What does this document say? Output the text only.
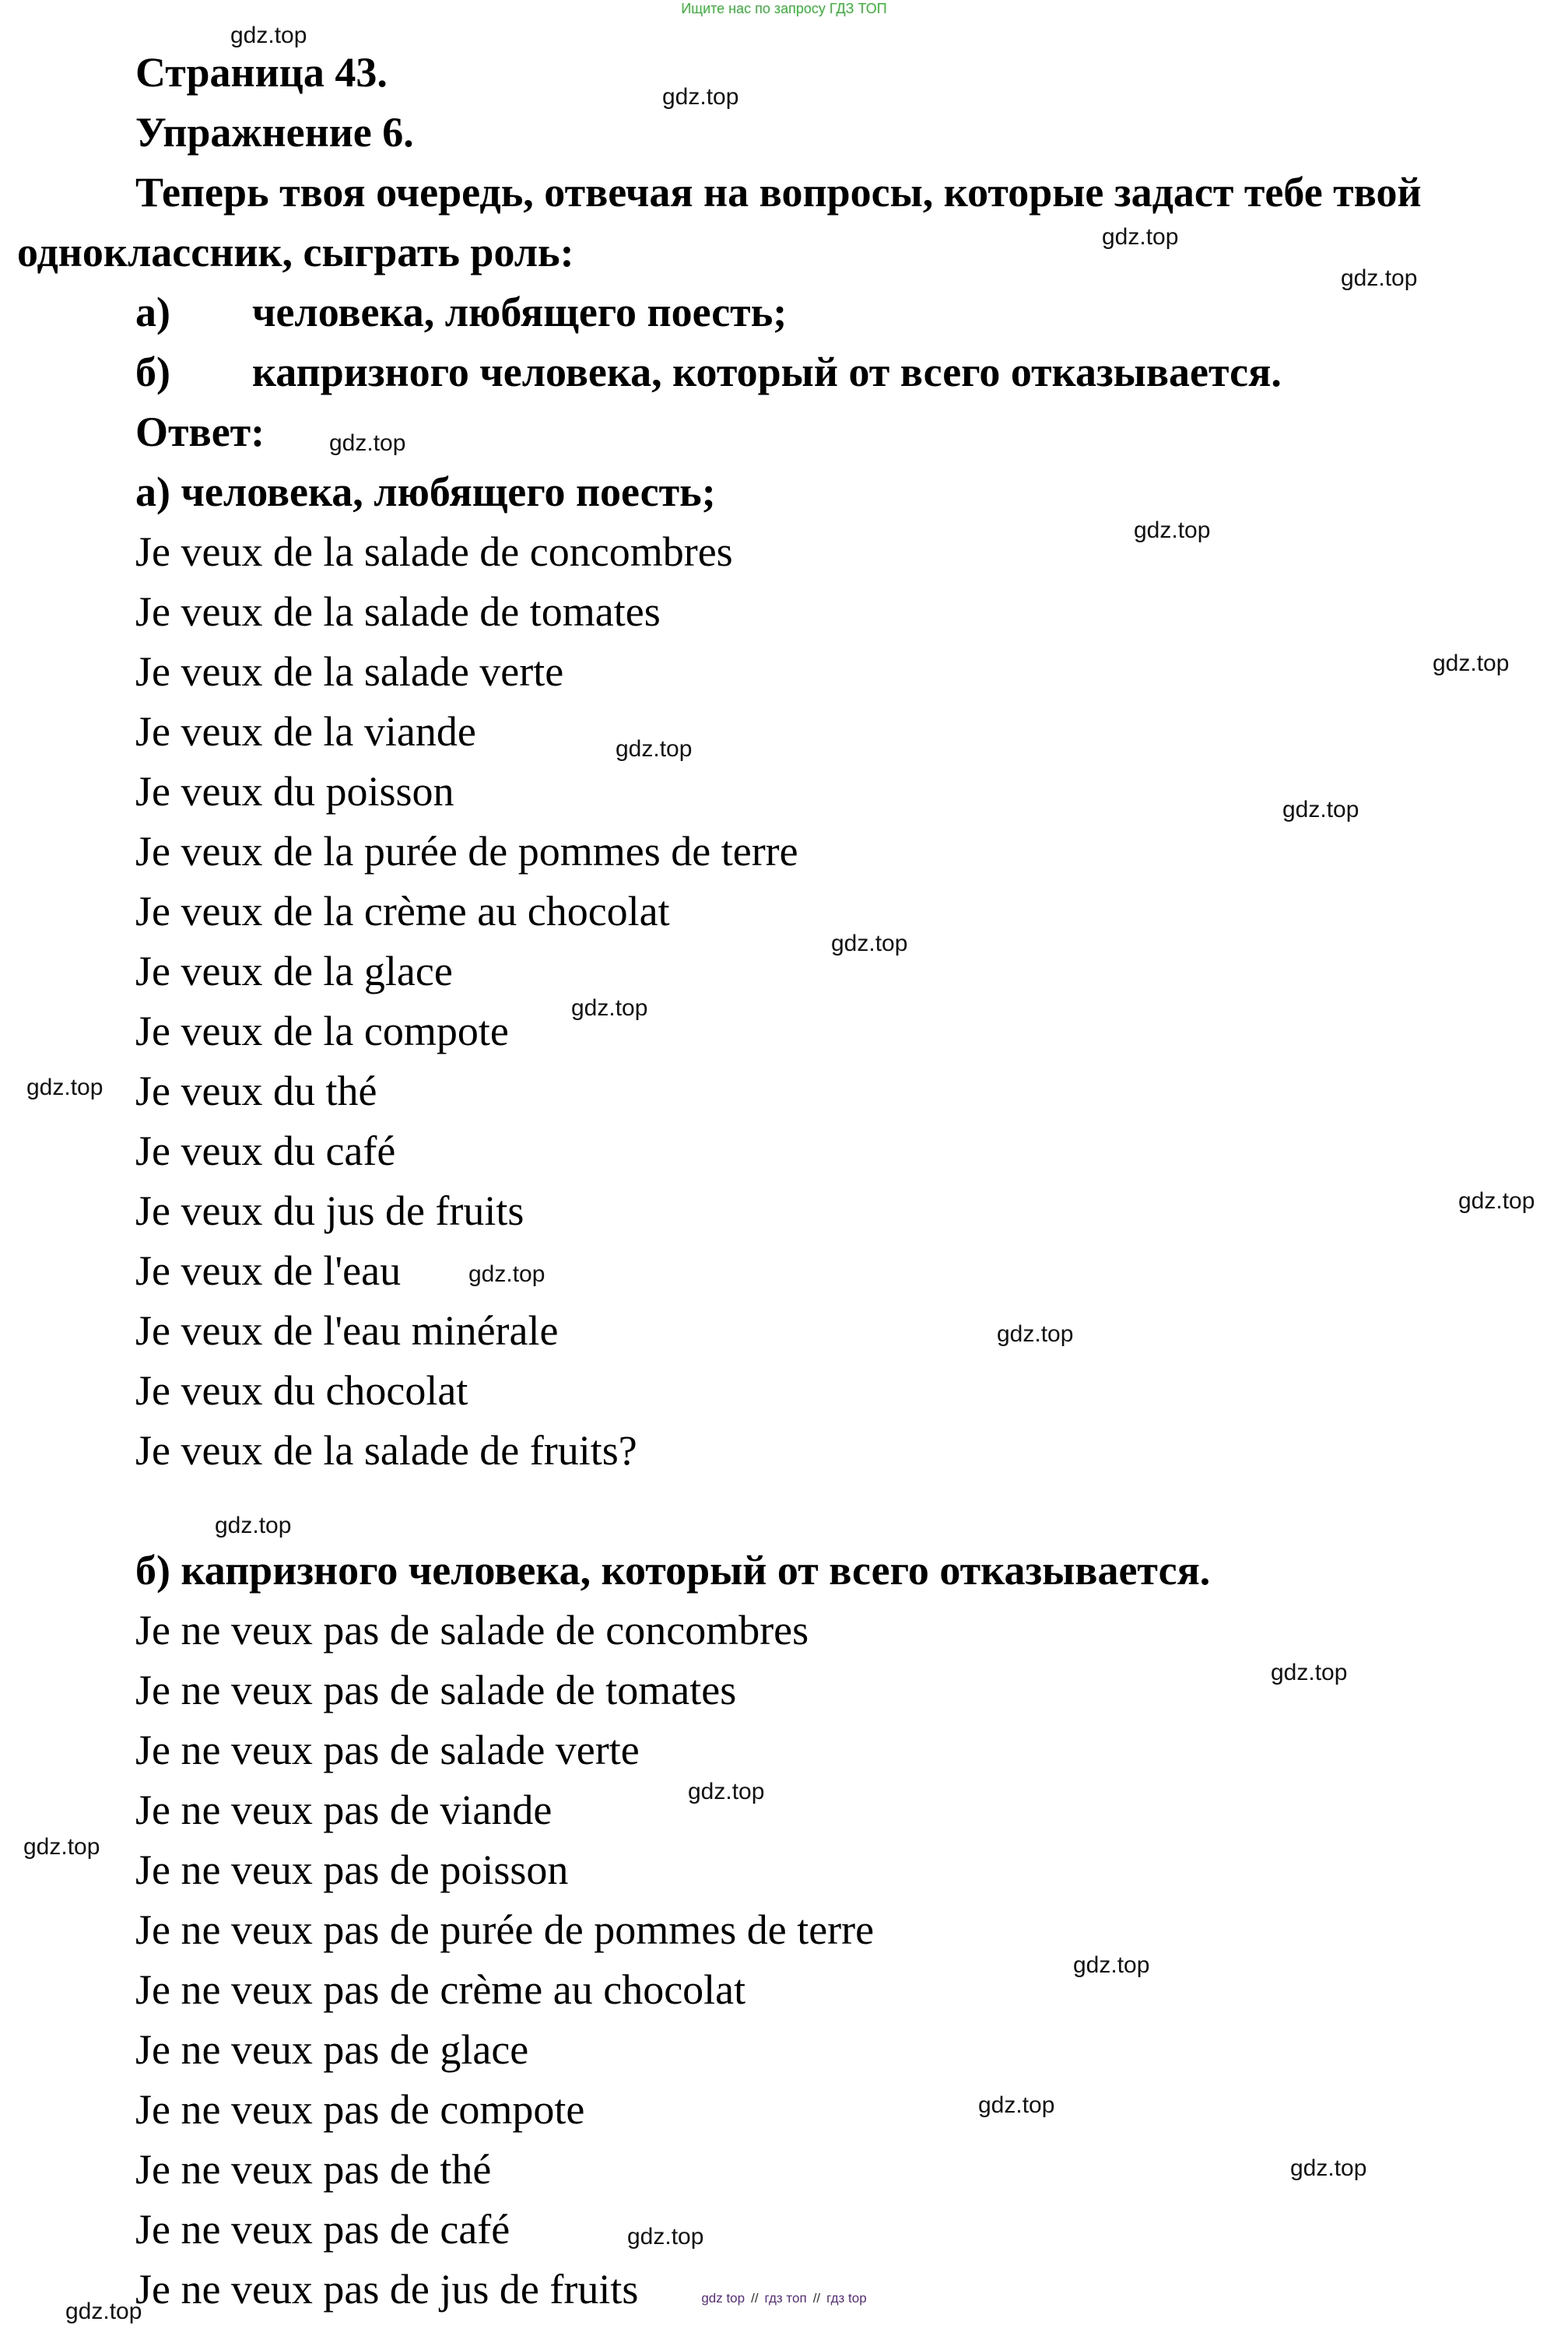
Ищите нас по запросу ГДЗ ТОП
Страница 43.
Упражнение 6.
Теперь твоя очередь, отвечая на вопросы, которые задаст тебе твой
одноклассник, сыграть роль:
а) человека, любящего поесть;
б) капризного человека, который от всего отказывается.
Ответ:
а) человека, любящего поесть;
Je veux de la salade de concombres
Je veux de la salade de tomates
Je veux de la salade verte
Je veux de la viande
Je veux du poisson
Je veux de la purée de pommes de terre
Je veux de la crème au chocolat
Je veux de la glace
Je veux de la compote
Je veux du thé
Je veux du café
Je veux du jus de fruits
Je veux de l'eau
Je veux de l'eau minérale
Je veux du chocolat
Je veux de la salade de fruits?
б) капризного человека, который от всего отказывается.
Je ne veux pas de salade de concombres
Je ne veux pas de salade de tomates
Je ne veux pas de salade verte
Je ne veux pas de viande
Je ne veux pas de poisson
Je ne veux pas de purée de pommes de terre
Je ne veux pas de crème au chocolat
Je ne veux pas de glace
Je ne veux pas de compote
Je ne veux pas de thé
Je ne veux pas de café
Je ne veux pas de jus de fruits
gdz.top
gdz.top
gdz.top
gdz.top
gdz.top
gdz.top
gdz.top
gdz.top
gdz.top
gdz.top
gdz.top
gdz.top
gdz.top
gdz.top
gdz.top
gdz.top
gdz.top
gdz.top
gdz.top
gdz.top
gdz.top
gdz.top
gdz.top
gdz.top
gdz top // гдз топ // гдз top
